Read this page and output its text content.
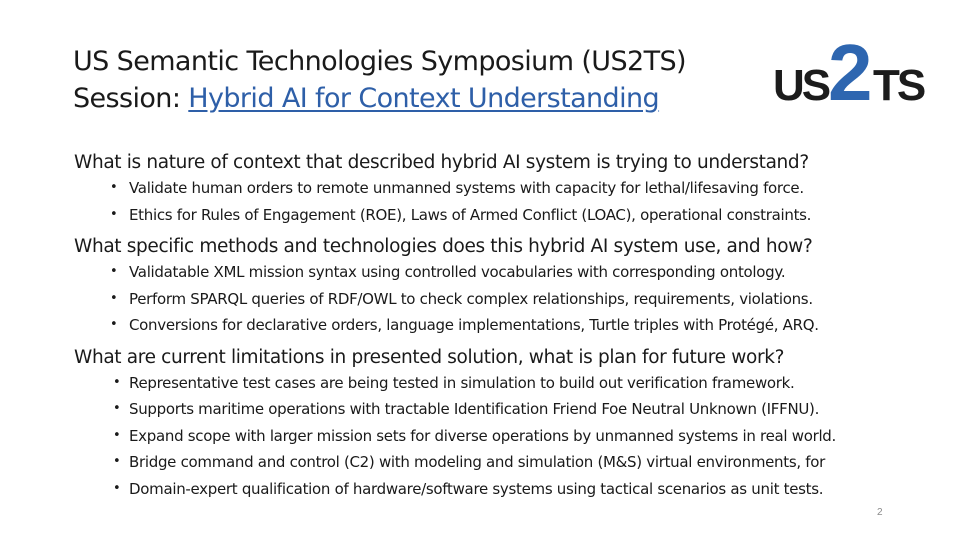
US Semantic Technologies Symposium (US2TS)
Session: Hybrid AI for Context Understanding	US 2 TS
What is nature of context that described hybrid AI system is trying to understand?
• Validate human orders to remote unmanned systems with capacity for lethal/lifesaving force.
• Ethics for Rules of Engagement (ROE), Laws of Armed Conflict (LOAC), operational constraints.
What specific methods and technologies does this hybrid AI system use, and how?
• Validatable XML mission syntax using controlled vocabularies with corresponding ontology.
• Perform SPARQL queries of RDF/OWL to check complex relationships, requirements, violations.
• Conversions for declarative orders, language implementations, Turtle triples with Protégé, ARQ.
What are current limitations in presented solution, what is plan for future work?
• Representative test cases are being tested in simulation to build out verification framework.
• Supports maritime operations with tractable Identification Friend Foe Neutral Unknown (IFFNU).
• Expand scope with larger mission sets for diverse operations by unmanned systems in real world.
• Bridge command and control (C2) with modeling and simulation (M&S) virtual environments, for
• Domain-expert qualification of hardware/software systems using tactical scenarios as unit tests.
2
